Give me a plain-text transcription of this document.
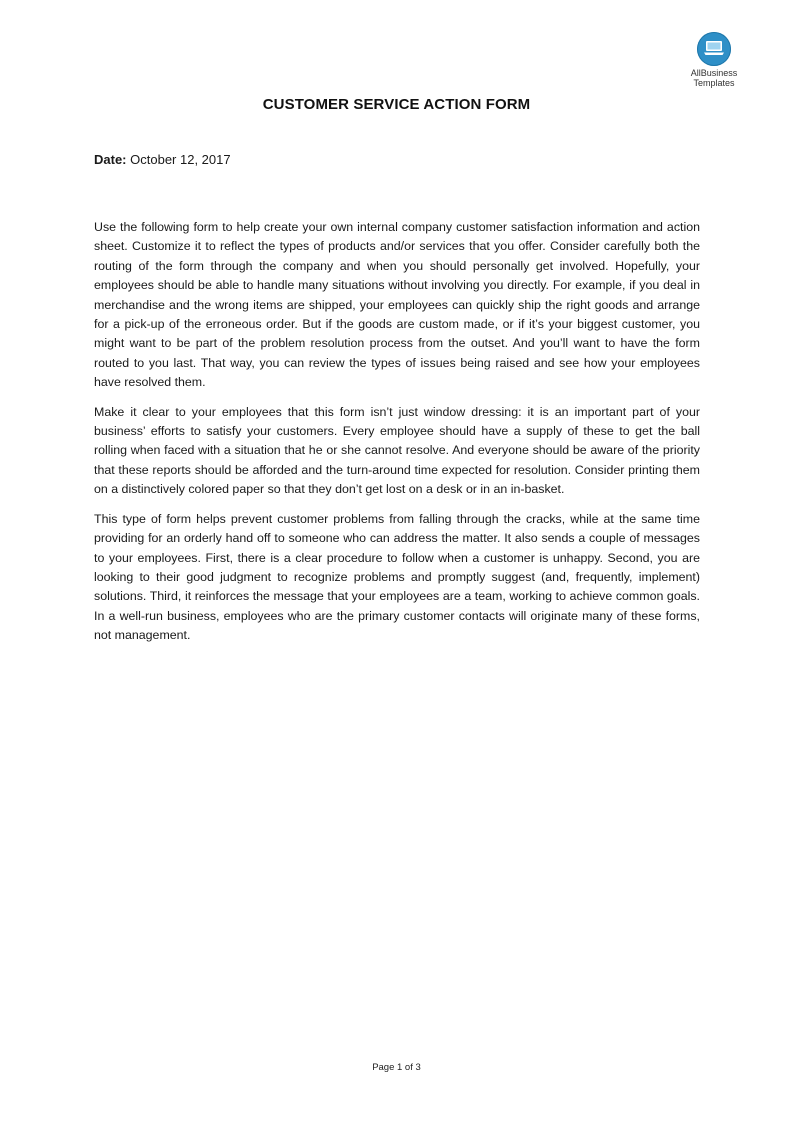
AllBusiness
Templates
CUSTOMER SERVICE ACTION FORM
Date: October 12, 2017

Use the following form to help create your own internal company customer satisfaction information and action sheet. Customize it to reflect the types of products and/or services that you offer. Consider carefully both the routing of the form through the company and when you should personally get involved. Hopefully, your employees should be able to handle many situations without involving you directly. For example, if you deal in merchandise and the wrong items are shipped, your employees can quickly ship the right goods and arrange for a pick-up of the erroneous order. But if the goods are custom made, or if it’s your biggest customer, you might want to be part of the problem resolution process from the outset. And you’ll want to have the form routed to you last. That way, you can review the types of issues being raised and see how your employees have resolved them.

Make it clear to your employees that this form isn’t just window dressing: it is an important part of your business’ efforts to satisfy your customers. Every employee should have a supply of these to get the ball rolling when faced with a situation that he or she cannot resolve. And everyone should be aware of the priority that these reports should be afforded and the turn-around time expected for resolution. Consider printing them on a distinctively colored paper so that they don’t get lost on a desk or in an in-basket.

This type of form helps prevent customer problems from falling through the cracks, while at the same time providing for an orderly hand off to someone who can address the matter. It also sends a couple of messages to your employees. First, there is a clear procedure to follow when a customer is unhappy. Second, you are looking to their good judgment to recognize problems and promptly suggest (and, frequently, implement) solutions. Third, it reinforces the message that your employees are a team, working to achieve common goals. In a well-run business, employees who are the primary customer contacts will originate many of these forms, not management.

Page 1 of 3
